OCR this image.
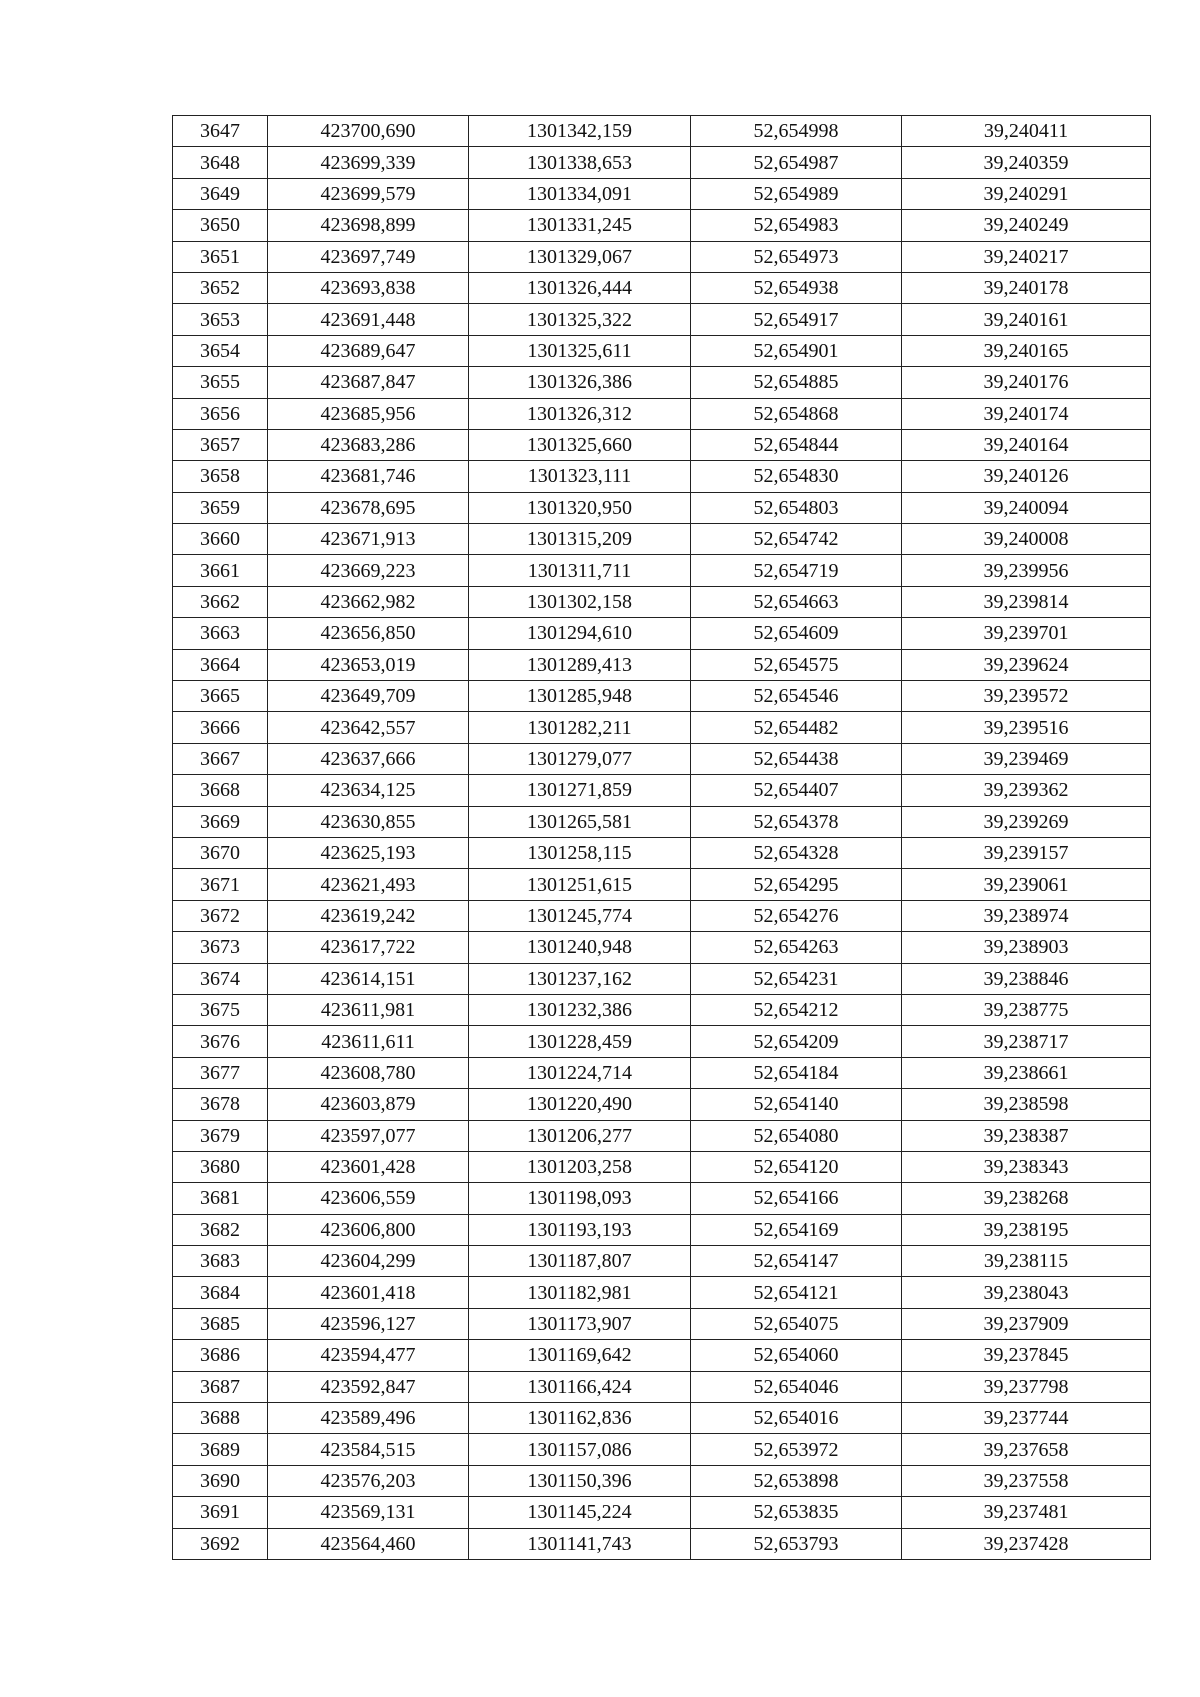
3647	423700,690	1301342,159	52,654998	39,240411
3648	423699,339	1301338,653	52,654987	39,240359
3649	423699,579	1301334,091	52,654989	39,240291
3650	423698,899	1301331,245	52,654983	39,240249
3651	423697,749	1301329,067	52,654973	39,240217
3652	423693,838	1301326,444	52,654938	39,240178
3653	423691,448	1301325,322	52,654917	39,240161
3654	423689,647	1301325,611	52,654901	39,240165
3655	423687,847	1301326,386	52,654885	39,240176
3656	423685,956	1301326,312	52,654868	39,240174
3657	423683,286	1301325,660	52,654844	39,240164
3658	423681,746	1301323,111	52,654830	39,240126
3659	423678,695	1301320,950	52,654803	39,240094
3660	423671,913	1301315,209	52,654742	39,240008
3661	423669,223	1301311,711	52,654719	39,239956
3662	423662,982	1301302,158	52,654663	39,239814
3663	423656,850	1301294,610	52,654609	39,239701
3664	423653,019	1301289,413	52,654575	39,239624
3665	423649,709	1301285,948	52,654546	39,239572
3666	423642,557	1301282,211	52,654482	39,239516
3667	423637,666	1301279,077	52,654438	39,239469
3668	423634,125	1301271,859	52,654407	39,239362
3669	423630,855	1301265,581	52,654378	39,239269
3670	423625,193	1301258,115	52,654328	39,239157
3671	423621,493	1301251,615	52,654295	39,239061
3672	423619,242	1301245,774	52,654276	39,238974
3673	423617,722	1301240,948	52,654263	39,238903
3674	423614,151	1301237,162	52,654231	39,238846
3675	423611,981	1301232,386	52,654212	39,238775
3676	423611,611	1301228,459	52,654209	39,238717
3677	423608,780	1301224,714	52,654184	39,238661
3678	423603,879	1301220,490	52,654140	39,238598
3679	423597,077	1301206,277	52,654080	39,238387
3680	423601,428	1301203,258	52,654120	39,238343
3681	423606,559	1301198,093	52,654166	39,238268
3682	423606,800	1301193,193	52,654169	39,238195
3683	423604,299	1301187,807	52,654147	39,238115
3684	423601,418	1301182,981	52,654121	39,238043
3685	423596,127	1301173,907	52,654075	39,237909
3686	423594,477	1301169,642	52,654060	39,237845
3687	423592,847	1301166,424	52,654046	39,237798
3688	423589,496	1301162,836	52,654016	39,237744
3689	423584,515	1301157,086	52,653972	39,237658
3690	423576,203	1301150,396	52,653898	39,237558
3691	423569,131	1301145,224	52,653835	39,237481
3692	423564,460	1301141,743	52,653793	39,237428
